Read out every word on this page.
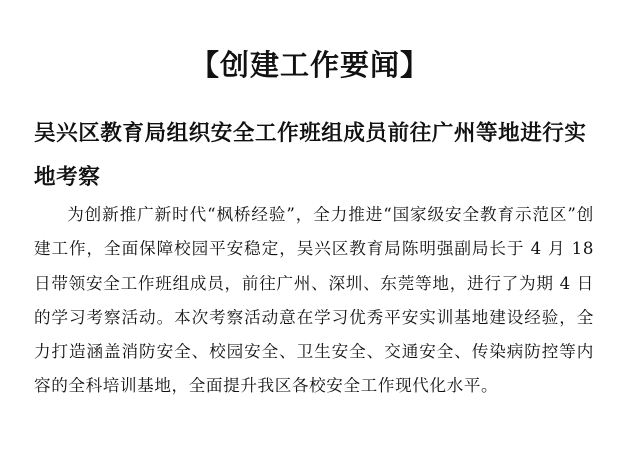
【创建工作要闻】
吴兴区教育局组织安全工作班组成员前往广州等地进行实地考察

为创新推广新时代“枫桥经验”，全力推进“国家级安全教育示范区”创建工作，全面保障校园平安稳定，吴兴区教育局陈明强副局长于 4 月 18 日带领安全工作班组成员，前往广州、深圳、东莞等地，进行了为期 4 日的学习考察活动。本次考察活动意在学习优秀平安实训基地建设经验，全力打造涵盖消防安全、校园安全、卫生安全、交通安全、传染病防控等内容的全科培训基地，全面提升我区各校安全工作现代化水平。
